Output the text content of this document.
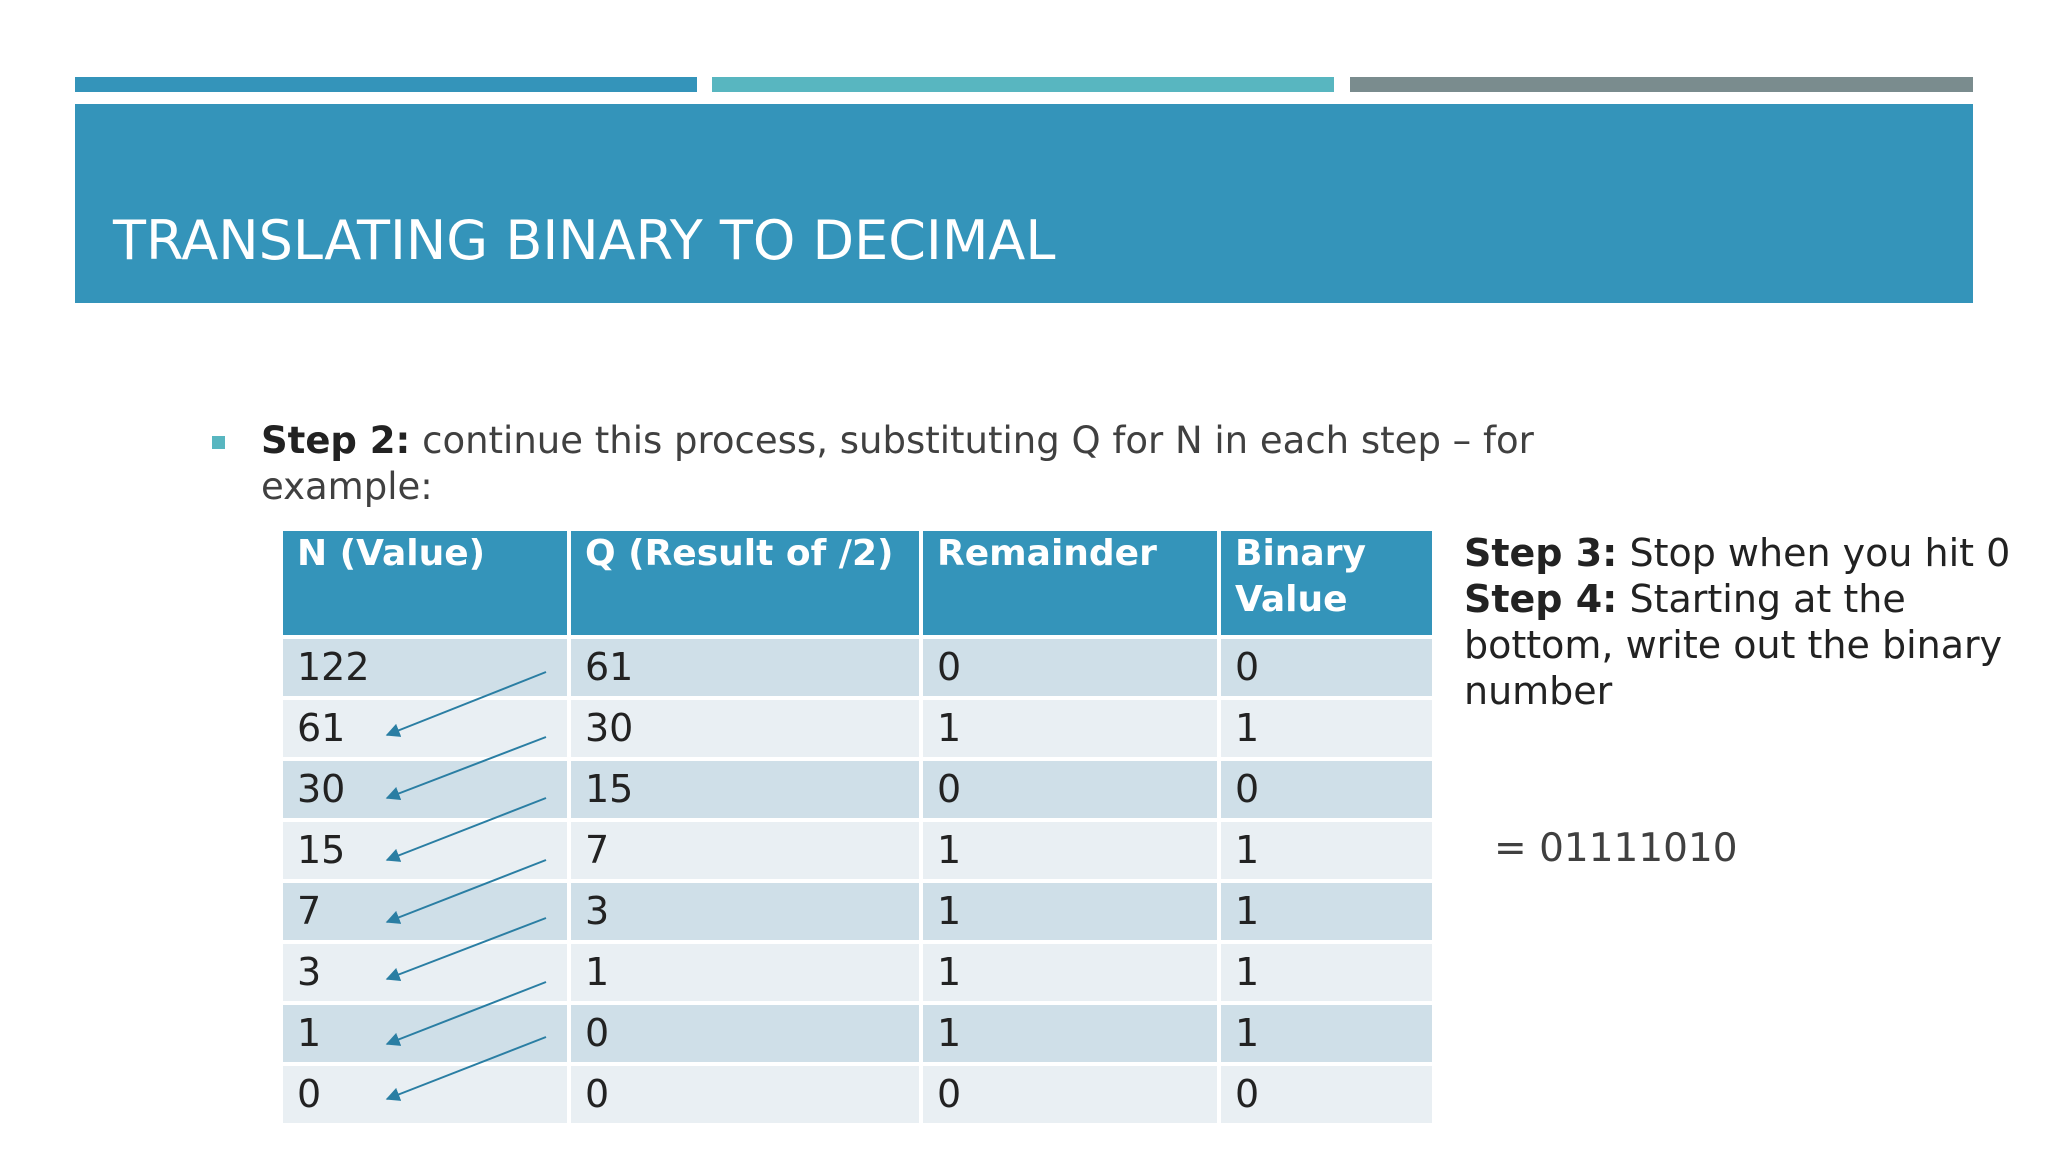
TRANSLATING BINARY TO DECIMAL
Step 2: continue this process, substituting Q for N in each step – for example:
N (Value)	Q (Result of /2)	Remainder	Binary Value
122	61	0	0
61	30	1	1
30	15	0	0
15	7	1	1
7	3	1	1
3	1	1	1
1	0	1	1
0	0	0	0
Step 3: Stop when you hit 0
Step 4: Starting at the bottom, write out the binary number
= 01111010
